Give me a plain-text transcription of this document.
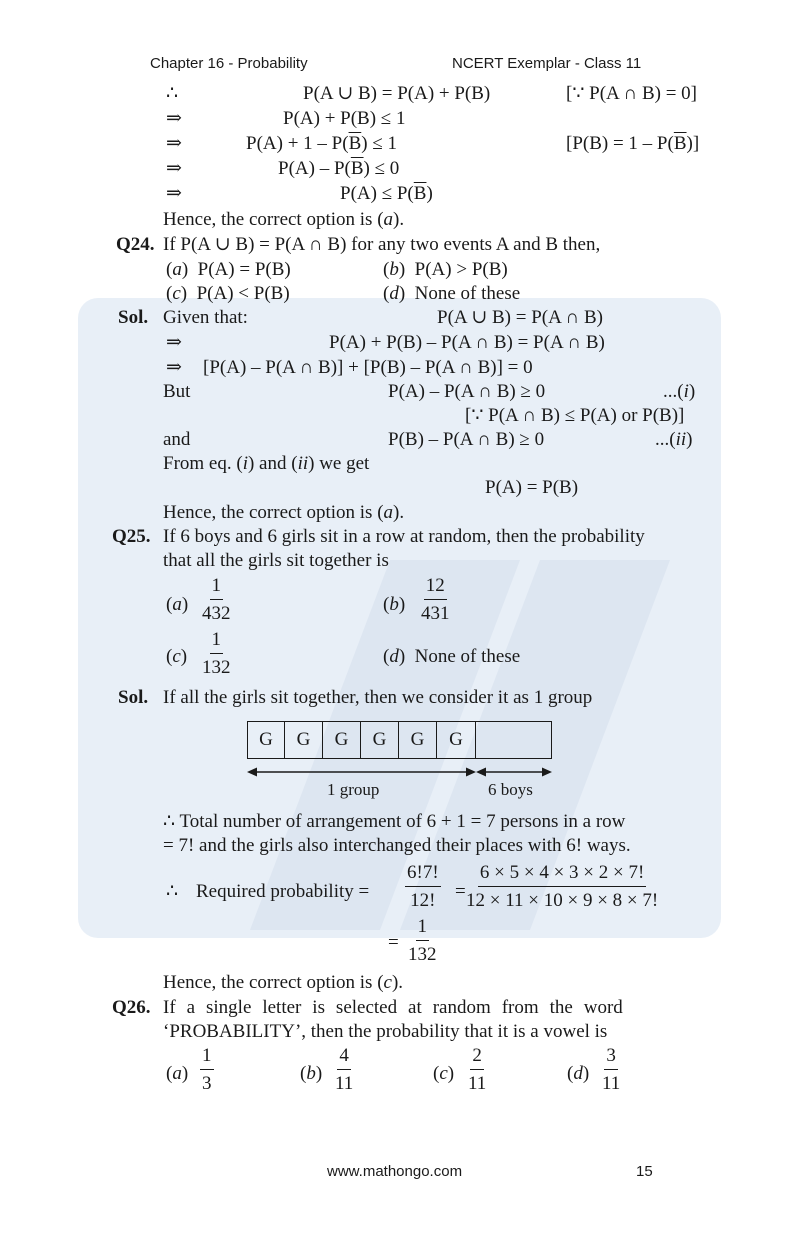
Chapter 16 - Probability	NCERT Exemplar - Class 11
∴	P(A ∪ B) = P(A) + P(B)	[∵ P(A ∩ B) = 0]
⇒	P(A) + P(B) ≤ 1
⇒	$P(A) + 1 - P(\overline{B}) \le 1$	$[P(B) = 1 - P(\overline{B})]$
⇒	$P(A) - P(\overline{B}) \le 0$
⇒	$P(A) \le P(\overline{B})$
Hence, the correct option is (a).
Q24. If P(A ∪ B) = P(A ∩ B) for any two events A and B then,
(a)  P(A) = P(B)	(b)  P(A) > P(B)
(c)  P(A) < P(B)	(d)  None of these
Sol. Given that:	P(A ∪ B) = P(A ∩ B)
⇒	P(A) + P(B) – P(A ∩ B) = P(A ∩ B)
⇒ [P(A) – P(A ∩ B)] + [P(B) – P(A ∩ B)] = 0
But	P(A) – P(A ∩ B) ≥ 0	...(i)
[∵ P(A ∩ B) ≤ P(A) or P(B)]
and	P(B) – P(A ∩ B) ≥ 0	...(ii)
From eq. (i) and (ii) we get
P(A) = P(B)
Hence, the correct option is (a).
Q25. If 6 boys and 6 girls sit in a row at random, then the probability
that all the girls sit together is
$(a) \frac{1}{432}$	$(b) \frac{12}{431}$
$(c) \frac{1}{132}$	(d)  None of these
Sol. If all the girls sit together, then we consider it as 1 group
G	G	G	G	G	G
1 group	6 boys
∴ Total number of arrangement of 6 + 1 = 7 persons in a row
= 7! and the girls also interchanged their places with 6! ways.
∴ Required probability = $\frac{6!7!}{12!} = \frac{6 \times 5 \times 4 \times 3 \times 2 \times 7!}{12 \times 11 \times 10 \times 9 \times 8 \times 7!}$
= $\frac{1}{132}$
Hence, the correct option is (c).
Q26. If a single letter is selected at random from the word
‘PROBABILITY’, then the probability that it is a vowel is
$(a) \frac{1}{3}$	$(b) \frac{4}{11}$	$(c) \frac{2}{11}$	$(d) \frac{3}{11}$
www.mathongo.com	15
